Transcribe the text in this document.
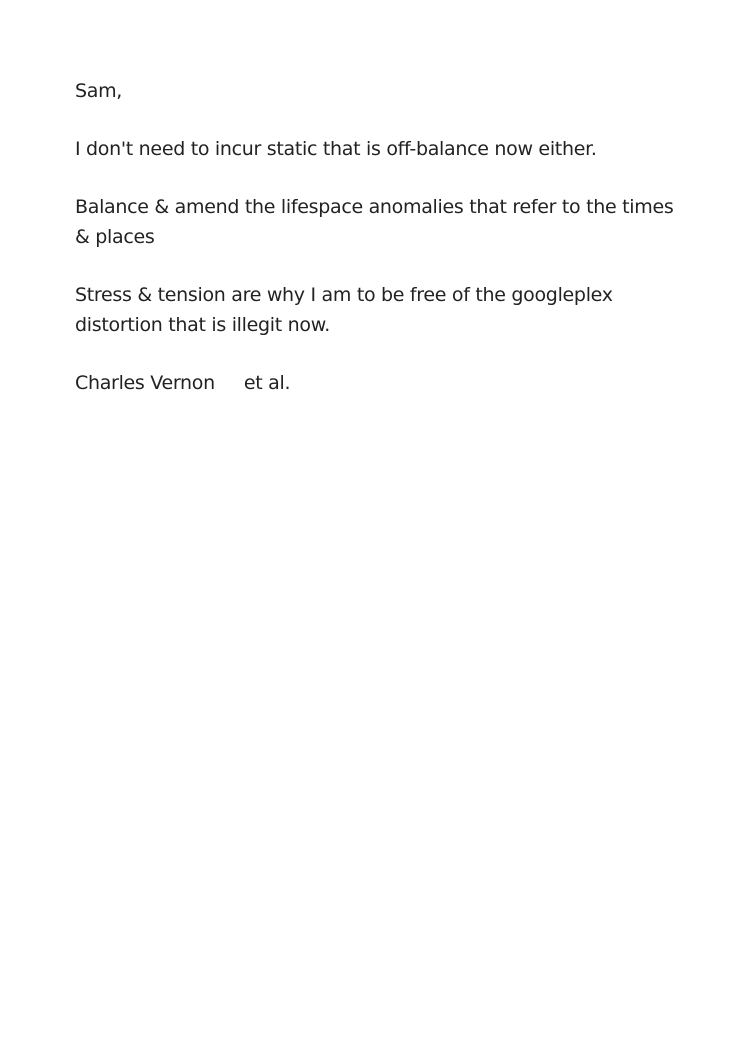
Sam,

I don't need to incur static that is off-balance now either.

Balance & amend the lifespace anomalies that refer to the times & places

Stress & tension are why I am to be free of the googleplex distortion that is illegit now.

Charles Vernon et al.
